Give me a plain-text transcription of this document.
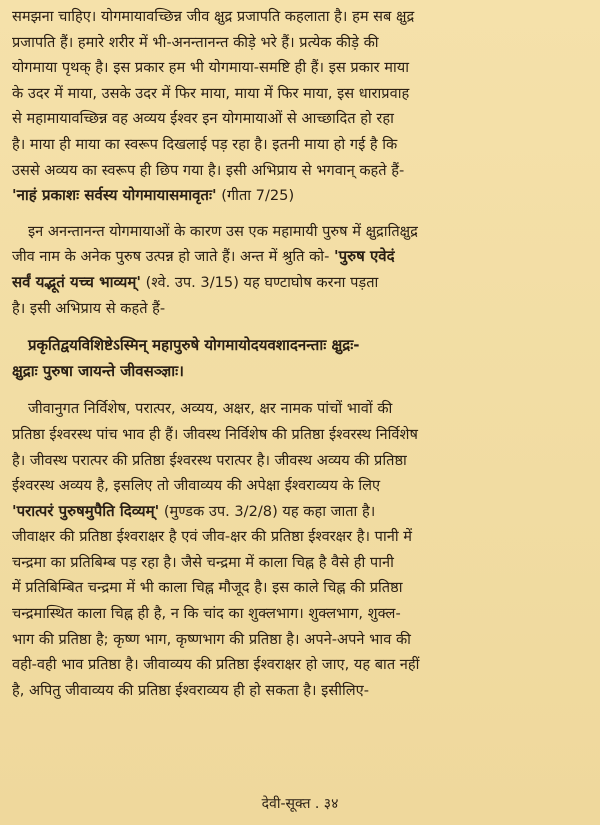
समझना चाहिए। योगमायावच्छिन्न जीव क्षुद्र प्रजापति कहलाता है। हम सब क्षुद्र
प्रजापति हैं। हमारे शरीर में भी-अनन्तानन्त कीड़े भरे हैं। प्रत्येक कीड़े की
योगमाया पृथक् है। इस प्रकार हम भी योगमाया-समष्टि ही हैं। इस प्रकार माया
के उदर में माया, उसके उदर में फिर माया, माया में फिर माया, इस धाराप्रवाह
से महामायावच्छिन्न वह अव्यय ईश्वर इन योगमायाओं से आच्छादित हो रहा
है। माया ही माया का स्वरूप दिखलाई पड़ रहा है। इतनी माया हो गई है कि
उससे अव्यय का स्वरूप ही छिप गया है। इसी अभिप्राय से भगवान् कहते हैं-
'नाहं प्रकाशः सर्वस्य योगमायासमावृतः' (गीता 7/25)

इन अनन्तानन्त योगमायाओं के कारण उस एक महामायी पुरुष में क्षुद्रातिक्षुद्र
जीव नाम के अनेक पुरुष उत्पन्न हो जाते हैं। अन्त में श्रुति को- 'पुरुष एवेदं
सर्वं यद्भूतं यच्च भाव्यम्' (श्वे. उप. 3/15) यह घण्टाघोष करना पड़ता
है। इसी अभिप्राय से कहते हैं-

प्रकृतिद्वयविशिष्टेऽस्मिन् महापुरुषे योगमायोदयवशादनन्ताः क्षुद्रः-
क्षुद्राः पुरुषा जायन्ते जीवसञ्ज्ञाः।

जीवानुगत निर्विशेष, परात्पर, अव्यय, अक्षर, क्षर नामक पांचों भावों की
प्रतिष्ठा ईश्वरस्थ पांच भाव ही हैं। जीवस्थ निर्विशेष की प्रतिष्ठा ईश्वरस्थ निर्विशेष
है। जीवस्थ परात्पर की प्रतिष्ठा ईश्वरस्थ परात्पर है। जीवस्थ अव्यय की प्रतिष्ठा
ईश्वरस्थ अव्यय है, इसलिए तो जीवाव्यय की अपेक्षा ईश्वराव्यय के लिए
'परात्परं पुरुषमुपैति दिव्यम्' (मुण्डक उप. 3/2/8) यह कहा जाता है।
जीवाक्षर की प्रतिष्ठा ईश्वराक्षर है एवं जीव-क्षर की प्रतिष्ठा ईश्वरक्षर है। पानी में
चन्द्रमा का प्रतिबिम्ब पड़ रहा है। जैसे चन्द्रमा में काला चिह्न है वैसे ही पानी
में प्रतिबिम्बित चन्द्रमा में भी काला चिह्न मौजूद है। इस काले चिह्न की प्रतिष्ठा
चन्द्रमास्थित काला चिह्न ही है, न कि चांद का शुक्लभाग। शुक्लभाग, शुक्ल-
भाग की प्रतिष्ठा है; कृष्ण भाग, कृष्णभाग की प्रतिष्ठा है। अपने-अपने भाव की
वही-वही भाव प्रतिष्ठा है। जीवाव्यय की प्रतिष्ठा ईश्वराक्षर हो जाए, यह बात नहीं
है, अपितु जीवाव्यय की प्रतिष्ठा ईश्वराव्यय ही हो सकता है। इसीलिए-

देवी-सूक्त . ३४
